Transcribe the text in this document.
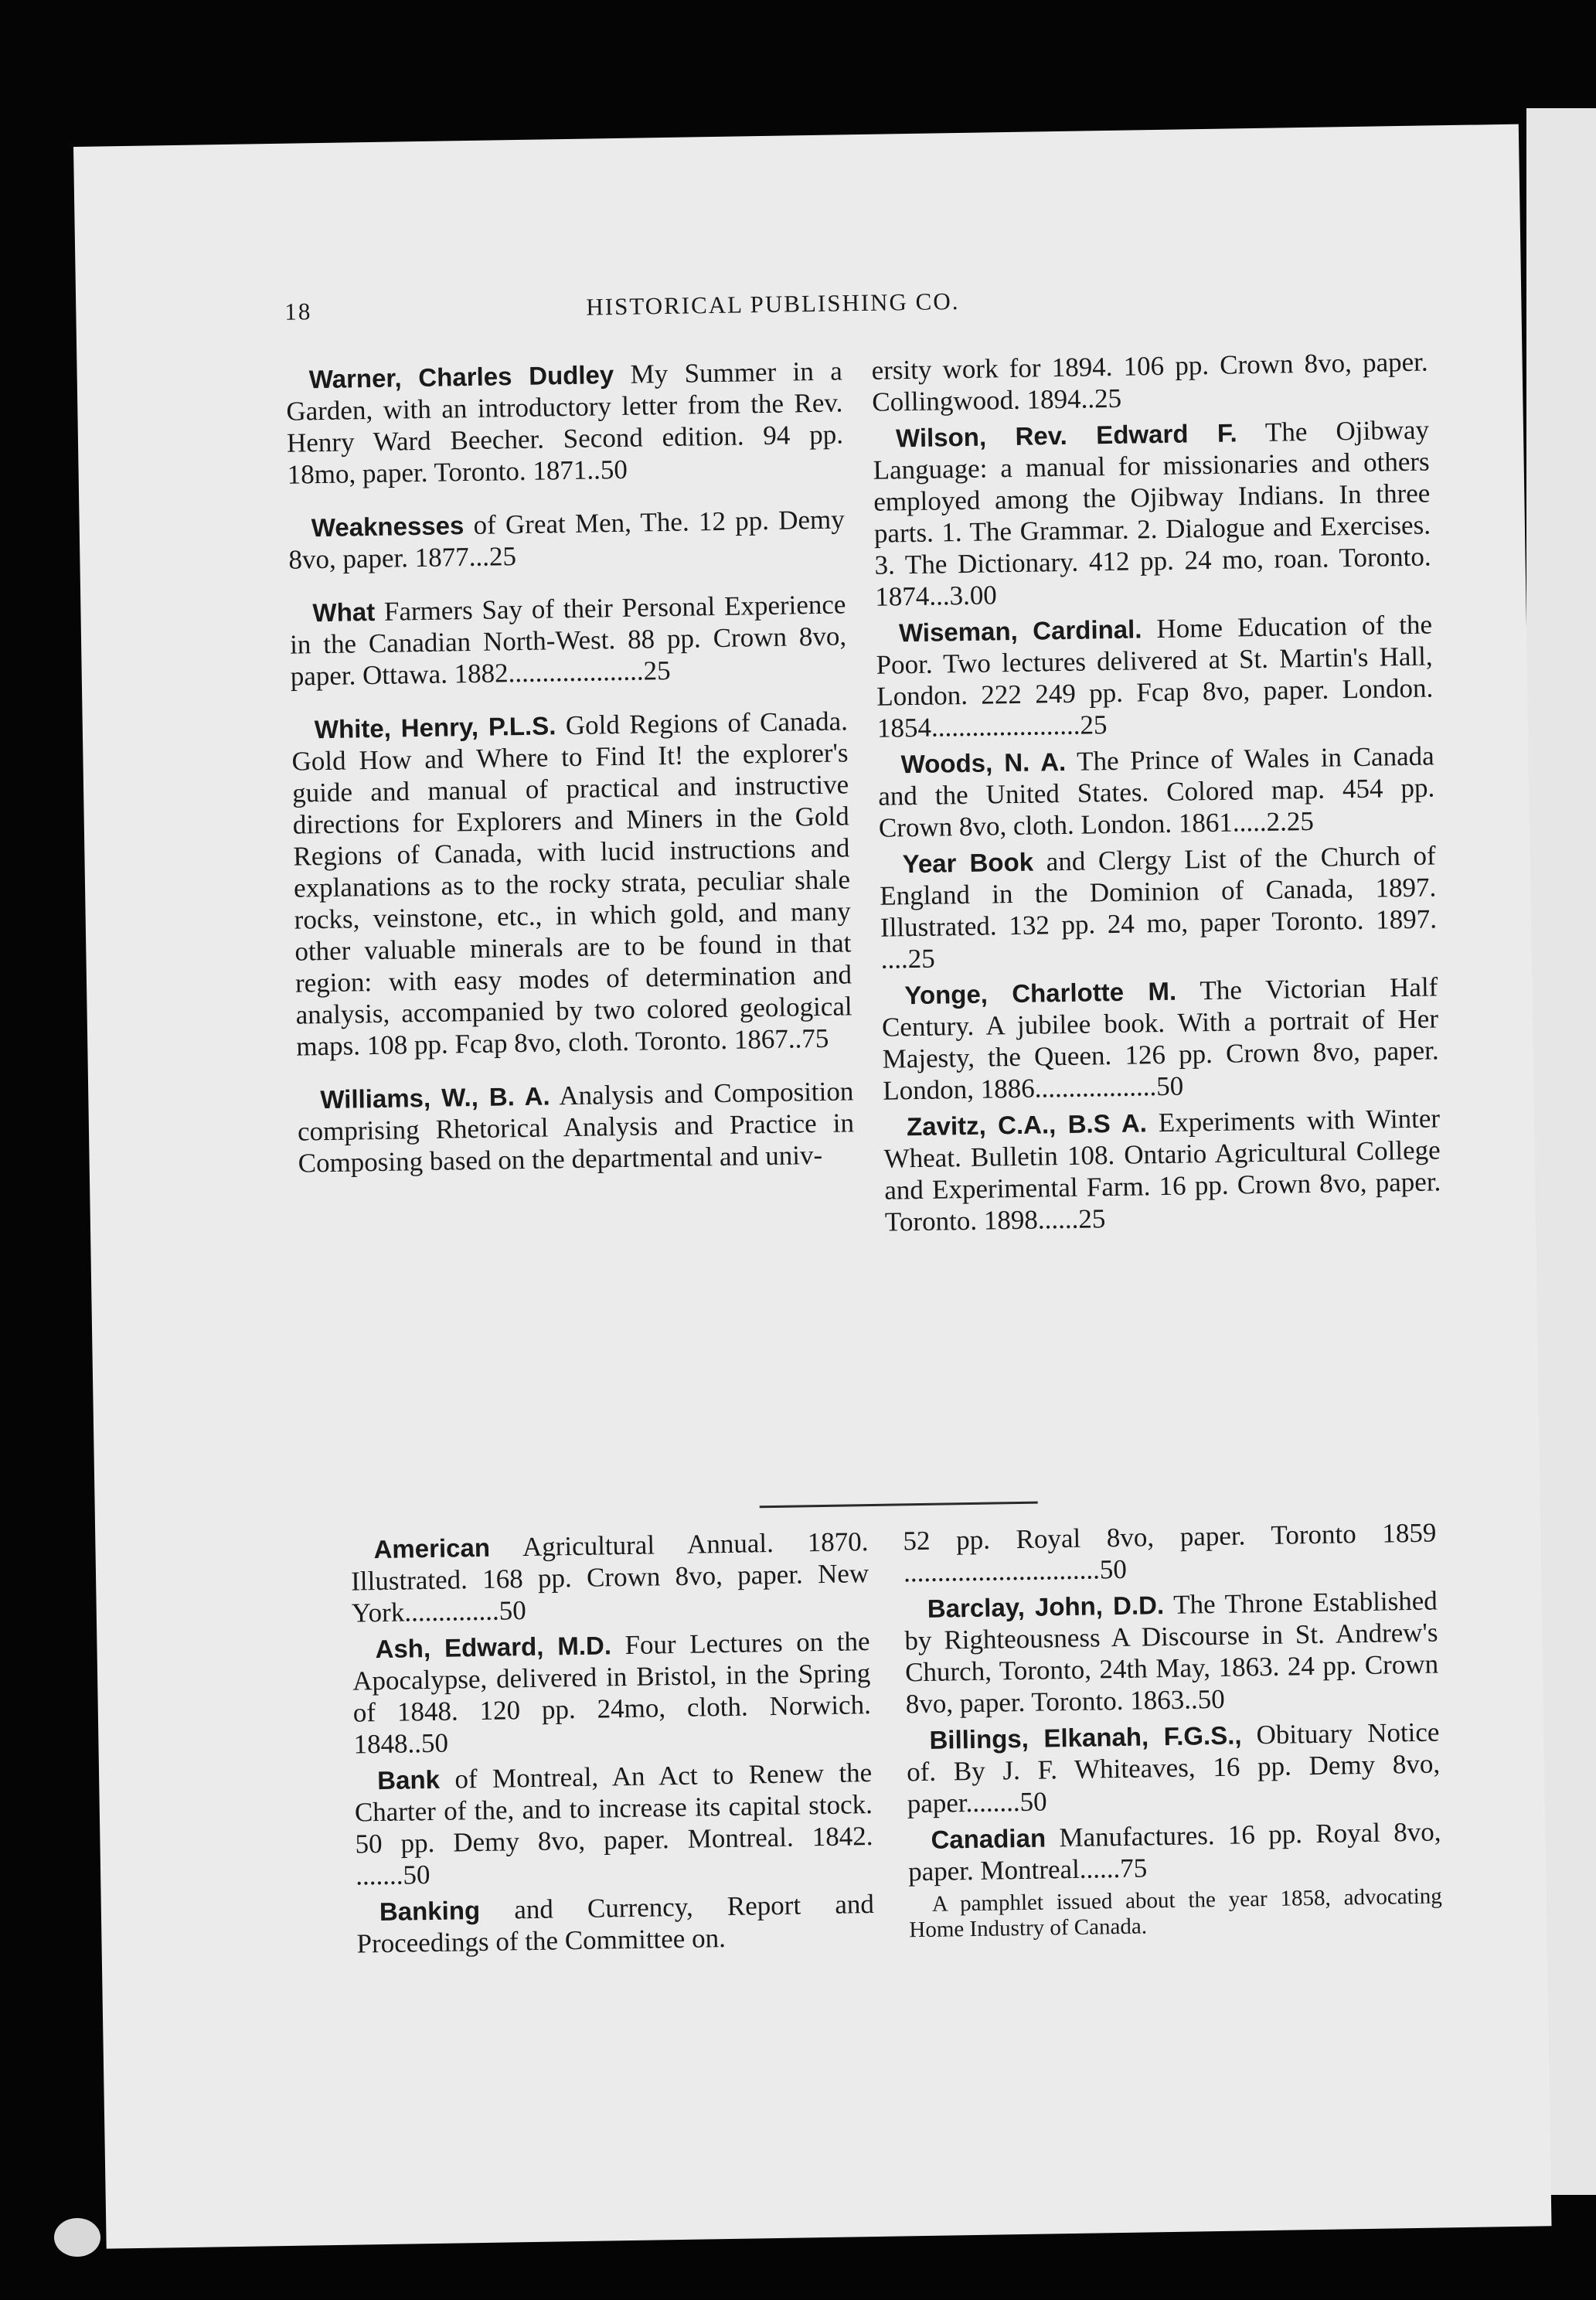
18	HISTORICAL PUBLISHING CO.

Warner, Charles Dudley My Summer in a Garden, with an introductory letter from the Rev. Henry Ward Beecher. Second edition. 94 pp. 18mo, paper. Toronto. 1871..50

Weaknesses of Great Men, The. 12 pp. Demy 8vo, paper. 1877...25

What Farmers Say of their Personal Experience in the Canadian North-West. 88 pp. Crown 8vo, paper. Ottawa. 1882....................25

White, Henry, P.L.S. Gold Regions of Canada. Gold How and Where to Find It! the explorer's guide and manual of practical and instructive directions for Explorers and Miners in the Gold Regions of Canada, with lucid instructions and explanations as to the rocky strata, peculiar shale rocks, veinstone, etc., in which gold, and many other valuable minerals are to be found in that region: with easy modes of determination and analysis, accompanied by two colored geological maps. 108 pp. Fcap 8vo, cloth. Toronto. 1867..75

Williams, W., B. A. Analysis and Composition comprising Rhetorical Analysis and Practice in Composing based on the departmental and univ-

ersity work for 1894. 106 pp. Crown 8vo, paper. Collingwood. 1894..25

Wilson, Rev. Edward F. The Ojibway Language: a manual for missionaries and others employed among the Ojibway Indians. In three parts. 1. The Grammar. 2. Dialogue and Exercises. 3. The Dictionary. 412 pp. 24 mo, roan. Toronto. 1874...3.00

Wiseman, Cardinal. Home Education of the Poor. Two lectures delivered at St. Martin's Hall, London. 222 249 pp. Fcap 8vo, paper. London. 1854......................25

Woods, N. A. The Prince of Wales in Canada and the United States. Colored map. 454 pp. Crown 8vo, cloth. London. 1861.....2.25

Year Book and Clergy List of the Church of England in the Dominion of Canada, 1897. Illustrated. 132 pp. 24 mo, paper Toronto. 1897. ....25

Yonge, Charlotte M. The Victorian Half Century. A jubilee book. With a portrait of Her Majesty, the Queen. 126 pp. Crown 8vo, paper. London, 1886..................50

Zavitz, C.A., B.S A. Experiments with Winter Wheat. Bulletin 108. Ontario Agricultural College and Experimental Farm. 16 pp. Crown 8vo, paper. Toronto. 1898......25

American Agricultural Annual. 1870. Illustrated. 168 pp. Crown 8vo, paper. New York..............50

Ash, Edward, M.D. Four Lectures on the Apocalypse, delivered in Bristol, in the Spring of 1848. 120 pp. 24mo, cloth. Norwich. 1848..50

Bank of Montreal, An Act to Renew the Charter of the, and to increase its capital stock. 50 pp. Demy 8vo, paper. Montreal. 1842. .......50

Banking and Currency, Report and Proceedings of the Committee on.

52 pp. Royal 8vo, paper. Toronto 1859 .............................50

Barclay, John, D.D. The Throne Established by Righteousness A Discourse in St. Andrew's Church, Toronto, 24th May, 1863. 24 pp. Crown 8vo, paper. Toronto. 1863..50

Billings, Elkanah, F.G.S., Obituary Notice of. By J. F. Whiteaves, 16 pp. Demy 8vo, paper........50

Canadian Manufactures. 16 pp. Royal 8vo, paper. Montreal......75

A pamphlet issued about the year 1858, advocating Home Industry of Canada.
